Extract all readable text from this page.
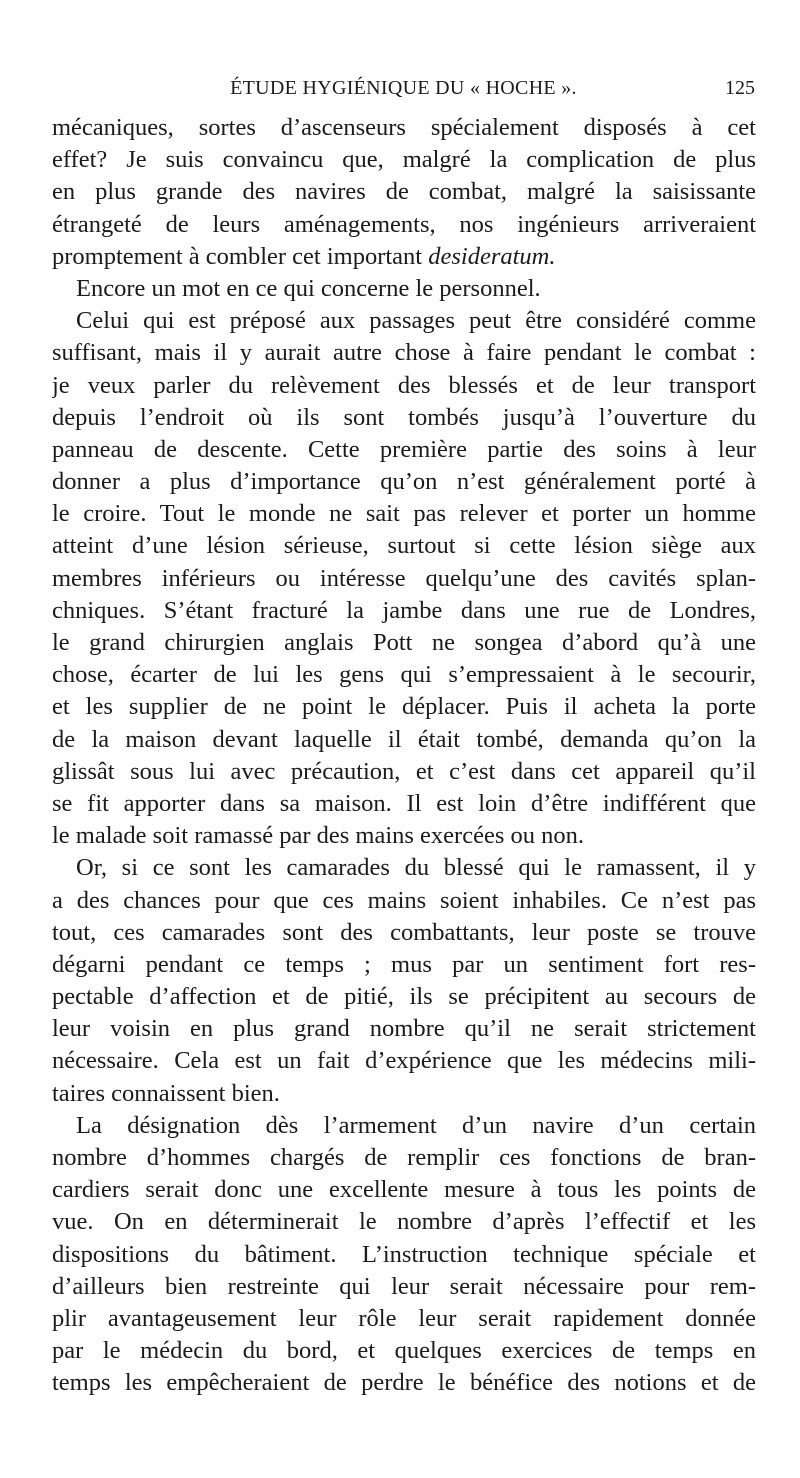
ÉTUDE HYGIÉNIQUE DU « HOCHE ».	125
mécaniques, sortes d’ascenseurs spécialement disposés à cet
effet? Je suis convaincu que, malgré la complication de plus
en plus grande des navires de combat, malgré la saisissante
étrangeté de leurs aménagements, nos ingénieurs arriveraient
promptement à combler cet important desideratum.
Encore un mot en ce qui concerne le personnel.
Celui qui est préposé aux passages peut être considéré comme
suffisant, mais il y aurait autre chose à faire pendant le combat :
je veux parler du relèvement des blessés et de leur transport
depuis l’endroit où ils sont tombés jusqu’à l’ouverture du
panneau de descente. Cette première partie des soins à leur
donner a plus d’importance qu’on n’est généralement porté à
le croire. Tout le monde ne sait pas relever et porter un homme
atteint d’une lésion sérieuse, surtout si cette lésion siège aux
membres inférieurs ou intéresse quelqu’une des cavités splan-
chniques. S’étant fracturé la jambe dans une rue de Londres,
le grand chirurgien anglais Pott ne songea d’abord qu’à une
chose, écarter de lui les gens qui s’empressaient à le secourir,
et les supplier de ne point le déplacer. Puis il acheta la porte
de la maison devant laquelle il était tombé, demanda qu’on la
glissât sous lui avec précaution, et c’est dans cet appareil qu’il
se fit apporter dans sa maison. Il est loin d’être indifférent que
le malade soit ramassé par des mains exercées ou non.
Or, si ce sont les camarades du blessé qui le ramassent, il y
a des chances pour que ces mains soient inhabiles. Ce n’est pas
tout, ces camarades sont des combattants, leur poste se trouve
dégarni pendant ce temps ; mus par un sentiment fort res-
pectable d’affection et de pitié, ils se précipitent au secours de
leur voisin en plus grand nombre qu’il ne serait strictement
nécessaire. Cela est un fait d’expérience que les médecins mili-
taires connaissent bien.
La désignation dès l’armement d’un navire d’un certain
nombre d’hommes chargés de remplir ces fonctions de bran-
cardiers serait donc une excellente mesure à tous les points de
vue. On en déterminerait le nombre d’après l’effectif et les
dispositions du bâtiment. L’instruction technique spéciale et
d’ailleurs bien restreinte qui leur serait nécessaire pour rem-
plir avantageusement leur rôle leur serait rapidement donnée
par le médecin du bord, et quelques exercices de temps en
temps les empêcheraient de perdre le bénéfice des notions et de
